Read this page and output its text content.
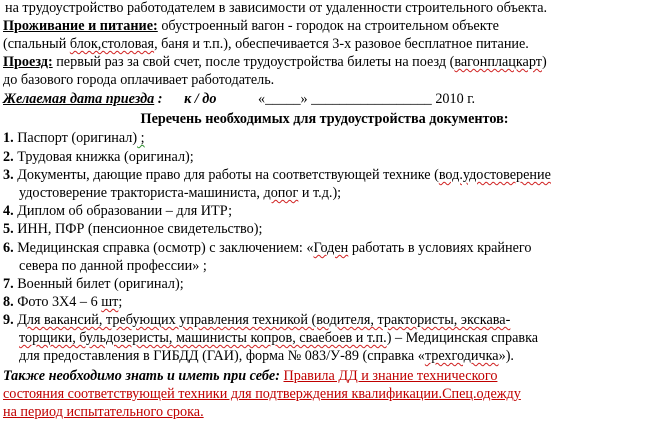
на трудоустройство работодателем в зависимости от удаленности строительного объекта.
Проживание и питание: обустроенный вагон - городок на строительном объекте
(спальный блок,столовая, баня и т.п.), обеспечивается 3-х разовое бесплатное питание.
Проезд: первый раз за свой счет, после трудоустройства билеты на поезд (вагонплацкарт)
до базового города оплачивает работодатель.
Желаемая дата приезда : к / до	«_____» _________________ 2010 г.
Перечень необходимых для трудоустройства документов:
1. Паспорт (оригинал) ;
2. Трудовая книжка (оригинал);
3. Документы, дающие право для работы на соответствующей технике (вод.удостоверение
удостоверение тракториста-машиниста, допог и т.д.);
4. Диплом об образовании – для ИТР;
5. ИНН, ПФР (пенсионное свидетельство);
6. Медицинская справка (осмотр) с заключением: «Годен работать в условиях крайнего
севера по данной профессии» ;
7. Военный билет (оригинал);
8. Фото 3Х4 – 6 шт;
9. Для вакансий, требующих управления техникой (водителя, трактористы, экскава-
торщики, бульдозеристы, машинисты копров, сваебоев и т.п.) – Медицинская справка
для предоставления в ГИБДД (ГАИ), форма № 083/У-89 (справка «трехгодичка»).
Также необходимо знать и иметь при себе: Правила ДД и знание технического
состояния соответствующей техники для подтверждения квалификации.Спец.одежду
на период испытательного срока.
